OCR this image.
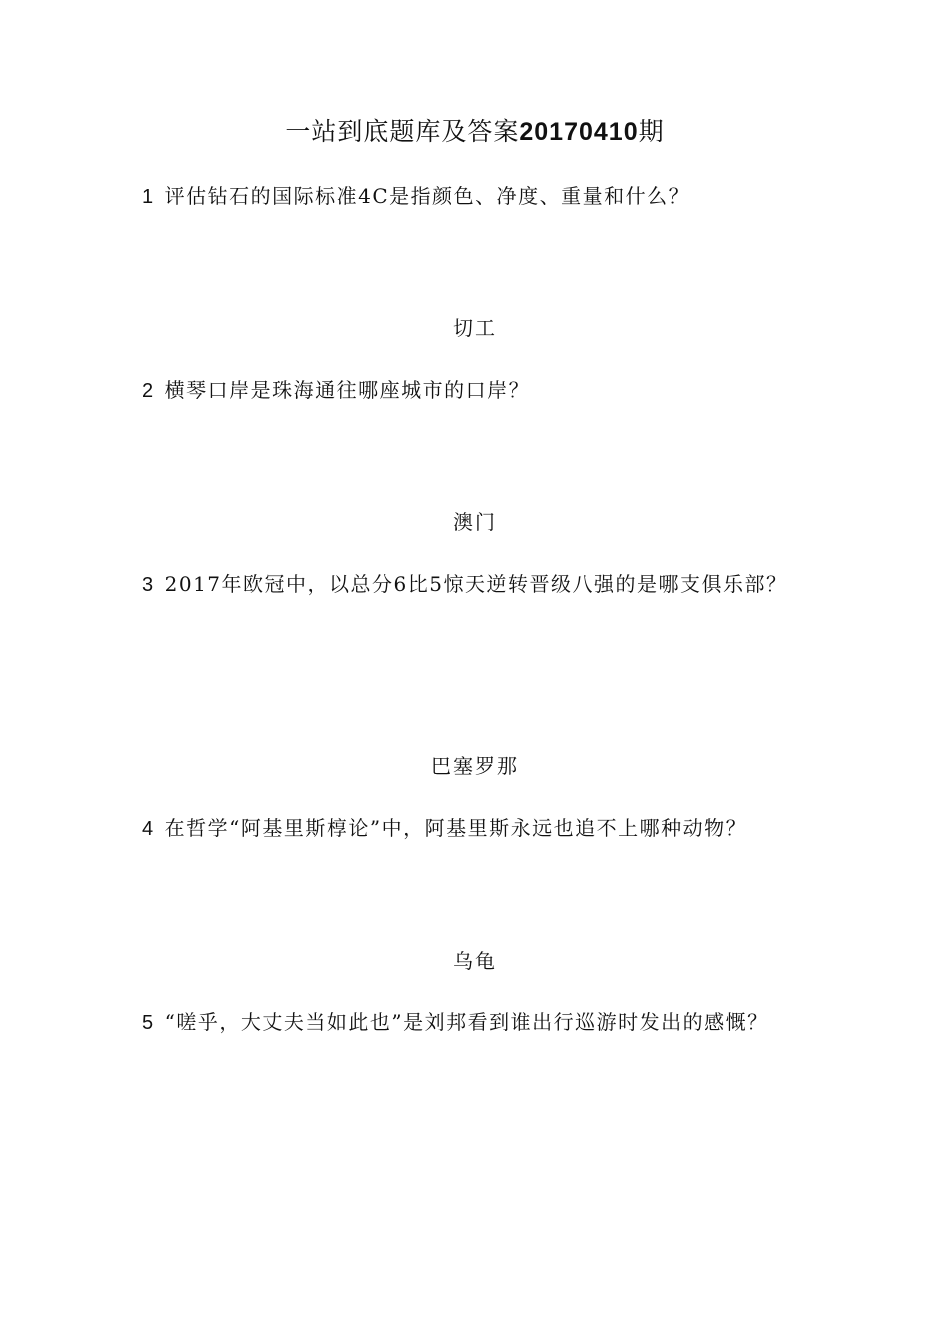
一站到底题库及答案20170410期
1 评估钻石的国际标准4C是指颜色、净度、重量和什么？
切工
2 横琴口岸是珠海通往哪座城市的口岸？
澳门
3 2017年欧冠中，以总分6比5惊天逆转晋级八强的是哪支俱乐部？
巴塞罗那
4 在哲学“阿基里斯椁论”中，阿基里斯永远也追不上哪种动物？
乌龟
5 “嗟乎，大丈夫当如此也”是刘邦看到谁出行巡游时发出的感慨？
